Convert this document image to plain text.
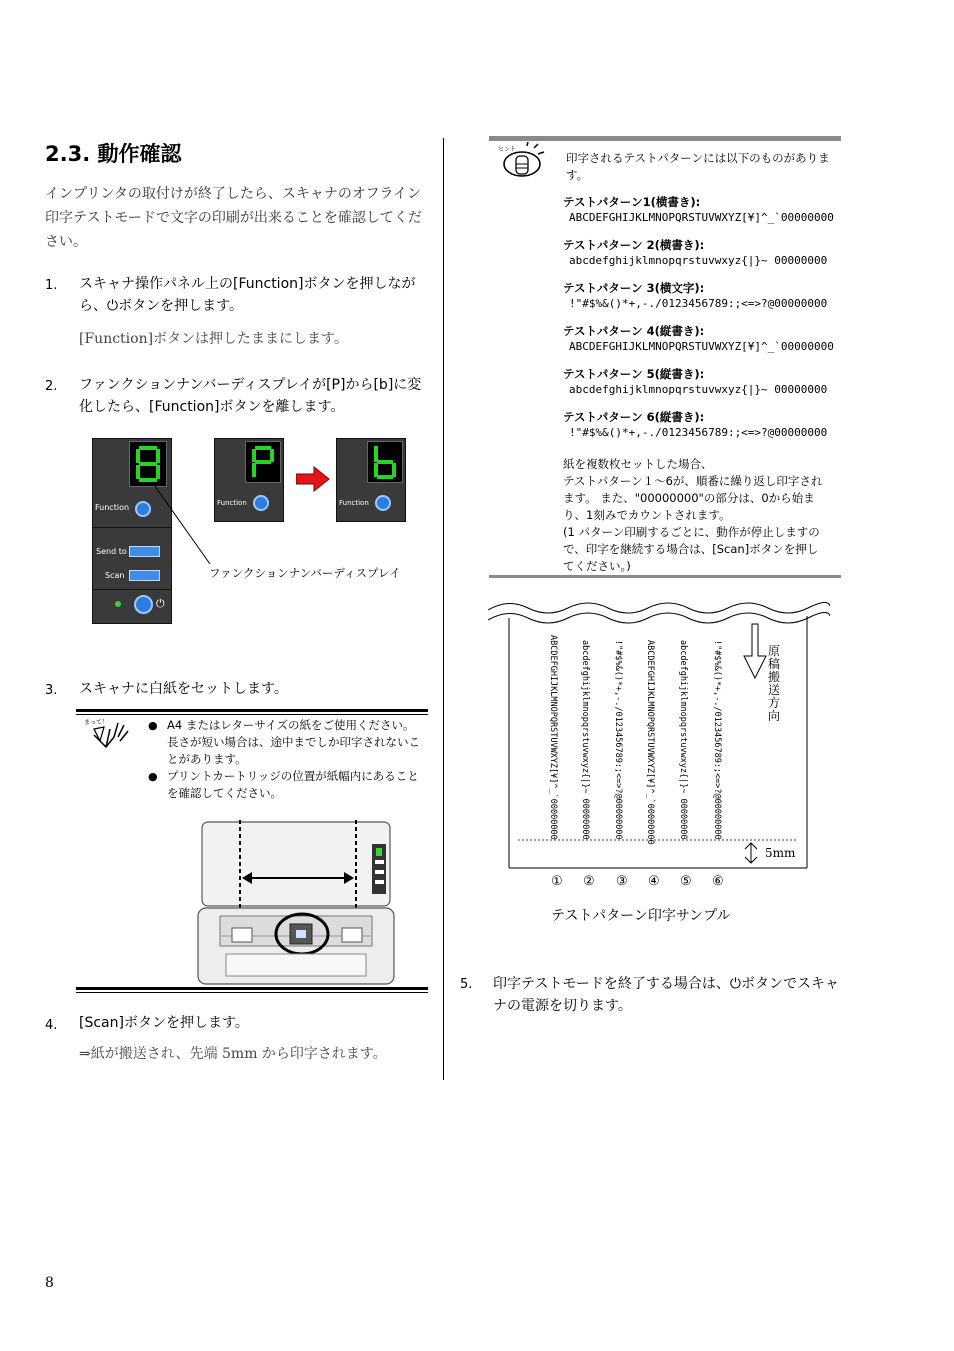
2.3. 動作確認
インプリンタの取付けが終了したら、スキャナのオフライン印字テストモードで文字の印刷が出来ることを確認してください。
1. スキャナ操作パネル上の[Function]ボタンを押しながら、⏻ボタンを押します。
[Function]ボタンは押したままにします。
2. ファンクションナンバーディスプレイが[P]から[b]に変化したら、[Function]ボタンを離します。
Function
Send to
Scan
⏻
Function	Function
ファンクションナンバーディスプレイ
3. スキャナに白紙をセットします。
まって！	● A4 またはレターサイズの紙をご使用ください。長さが短い場合は、途中までしか印字されないことがあります。
● プリントカートリッジの位置が紙幅内にあることを確認してください。
4. [Scan]ボタンを押します。
⇒紙が搬送され、先端 5mm から印字されます。
ヒント
印字されるテストパターンには以下のものがあります。
テストパターン1(横書き):
ABCDEFGHIJKLMNOPQRSTUVWXYZ[¥]^_`00000000
テストパターン 2(横書き):
abcdefghijklmnopqrstuvwxyz{|}~ 00000000
テストパターン 3(横文字):
!"#$%&()*+,-./0123456789:;<=>?@00000000
テストパターン 4(縦書き):
ABCDEFGHIJKLMNOPQRSTUVWXYZ[¥]^_`00000000
テストパターン 5(縦書き):
abcdefghijklmnopqrstuvwxyz{|}~ 00000000
テストパターン 6(縦書き):
!"#$%&()*+,-./0123456789:;<=>?@00000000
紙を複数枚セットした場合、
テストパターン１～6が、順番に繰り返し印字され
ます。 また、"00000000"の部分は、0から始ま
り、1刻みでカウントされます。
(1 パターン印刷するごとに、動作が停止しますの
で、印字を継続する場合は、[Scan]ボタンを押し
てください。)
ABCDEFGHIJKLMNOPQRSTUVWXYZ[¥]^_`00000000	abcdefghijklmnopqrstuvwxyz{|}~ 00000000	!"#$%&()*+,-./0123456789:;<=>?@00000000	ABCDEFGHIJKLMNOPQRSTUVWXYZ[¥]^_`00000000	abcdefghijklmnopqrstuvwxyz{|}~ 00000000	!"#$%&()*+,-./0123456789:;<=>?@00000000	原稿搬送方向
5mm
① ② ③ ④ ⑤ ⑥
テストパターン印字サンプル
5. 印字テストモードを終了する場合は、⏻ボタンでスキャナの電源を切ります。
8
